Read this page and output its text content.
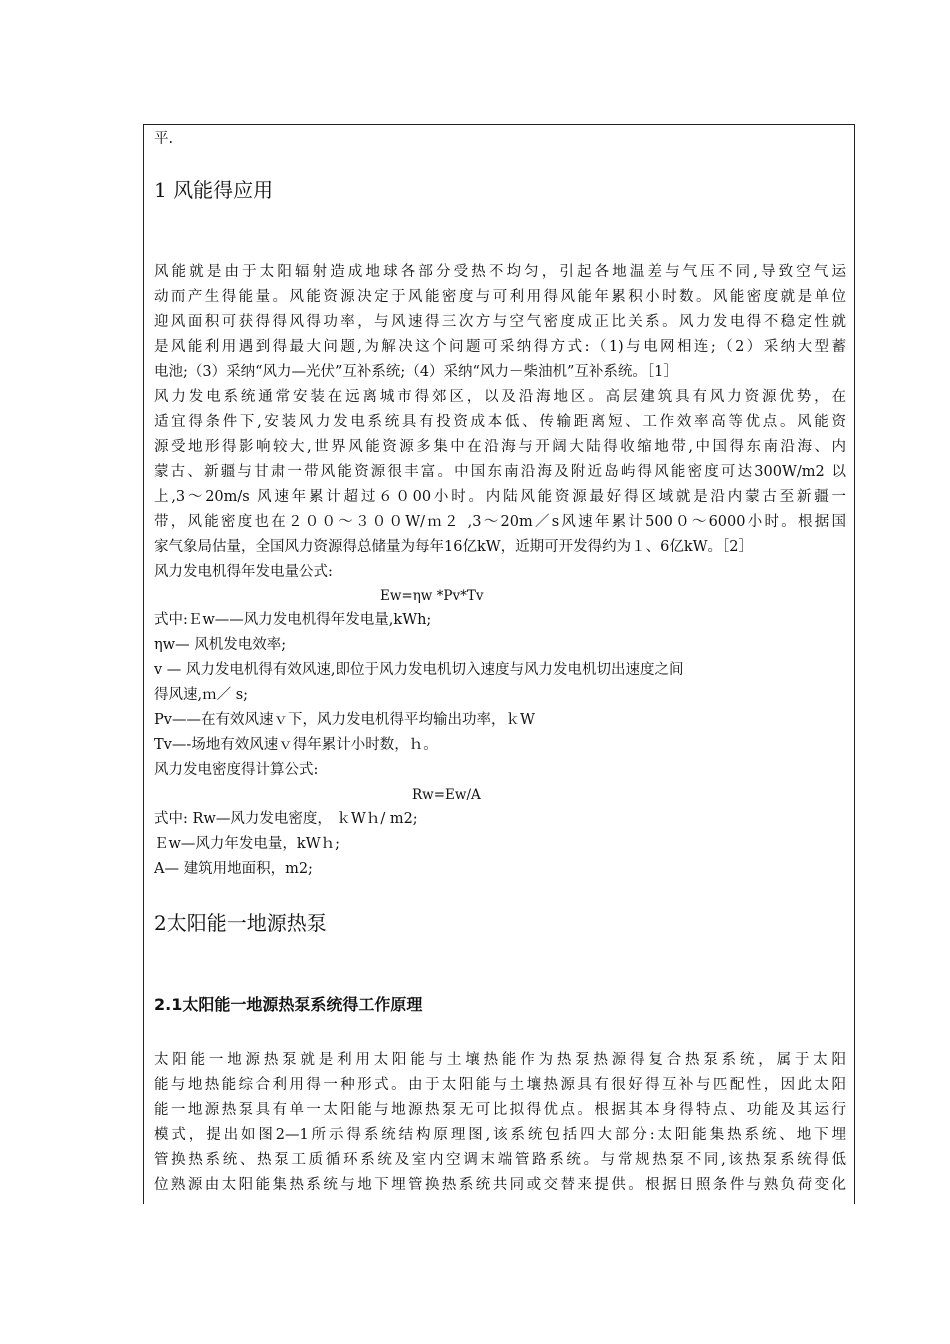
平.
1 风能得应用
风能就是由于太阳辐射造成地球各部分受热不均匀，引起各地温差与气压不同,导致空气运
动而产生得能量。风能资源决定于风能密度与可利用得风能年累积小时数。风能密度就是单位
迎风面积可获得得风得功率，与风速得三次方与空气密度成正比关系。风力发电得不稳定性就
是风能利用遇到得最大问题,为解决这个问题可采纳得方式:（1)与电网相连;（2）采纳大型蓄
电池;（3）采纳“风力—光伏”互补系统;（4）采纳“风力－柴油机”互补系统。［1］
风力发电系统通常安装在远离城市得郊区，以及沿海地区。高层建筑具有风力资源优势，在
适宜得条件下,安装风力发电系统具有投资成本低、传输距离短、工作效率高等优点。风能资
源受地形得影响较大,世界风能资源多集中在沿海与开阔大陆得收缩地带,中国得东南沿海、内
蒙古、新疆与甘肃一带风能资源很丰富。中国东南沿海及附近岛屿得风能密度可达300W/m2 以
上,3～20m/s 风速年累计超过６０00小时。内陆风能资源最好得区域就是沿内蒙古至新疆一
带，风能密度也在２００～３００W/ｍ２ ,3～20m／s风速年累计500０～6000小时。根据国
家气象局估量，全国风力资源得总储量为每年16亿kW，近期可开发得约为１、6亿kW。［2］
风力发电机得年发电量公式:
Ew=ηw *Pv*Tv
式中:Ｅw——风力发电机得年发电量,kWh;
ηw— 风机发电效率;
v — 风力发电机得有效风速,即位于风力发电机切入速度与风力发电机切出速度之间
得风速,ｍ／ s;
Pv——在有效风速ｖ下，风力发电机得平均输出功率，ｋW
Tv—-场地有效风速ｖ得年累计小时数，ｈ。
风力发电密度得计算公式:
Rw=Ew/A
式中: Rw—风力发电密度， ｋWｈ/ m2;
Ｅw—风力年发电量，kWｈ;
A— 建筑用地面积，m2;
2太阳能一地源热泵
2.1太阳能一地源热泵系统得工作原理
太阳能一地源热泵就是利用太阳能与土壤热能作为热泵热源得复合热泵系统，属于太阳
能与地热能综合利用得一种形式。由于太阳能与土壤热源具有很好得互补与匹配性，因此太阳
能一地源热泵具有单一太阳能与地源热泵无可比拟得优点。根据其本身得特点、功能及其运行
模式，提出如图2—1所示得系统结构原理图,该系统包括四大部分:太阳能集热系统、地下埋
管换热系统、热泵工质循环系统及室内空调末端管路系统。与常规热泵不同,该热泵系统得低
位熟源由太阳能集热系统与地下埋管换热系统共同或交替来提供。根据日照条件与熟负荷变化
